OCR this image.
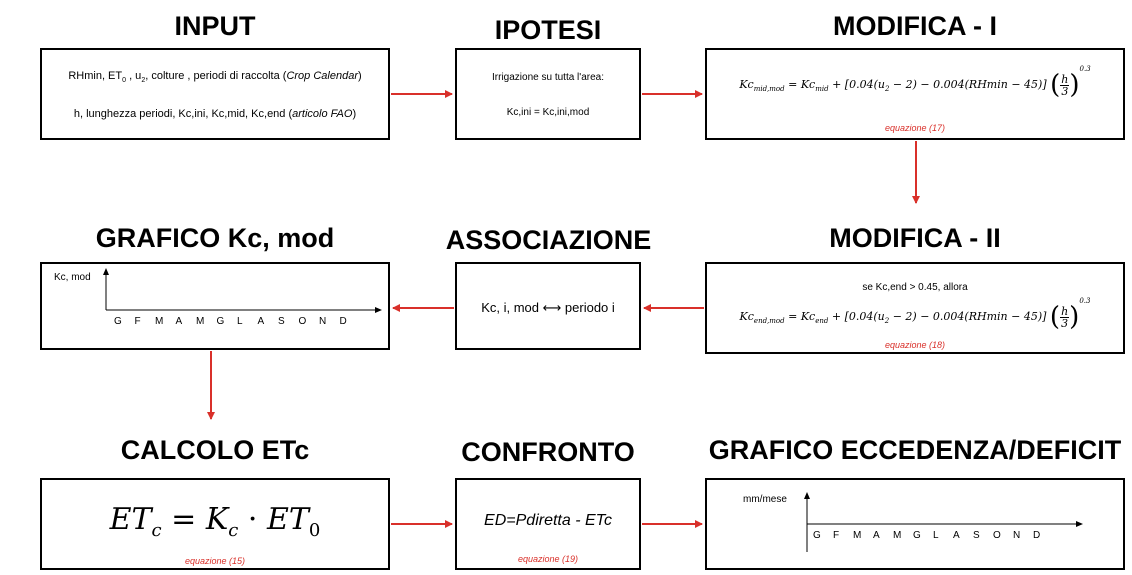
INPUT	IPOTESI	MODIFICA - I
GRAFICO Kc, mod	ASSOCIAZIONE	MODIFICA - II
CALCOLO ETc	CONFRONTO	GRAFICO ECCEDENZA/DEFICIT
RHmin, $ET_0$ , $u_2$, colture , periodi di raccolta (Crop Calendar)
h, lunghezza periodi, Kc,ini, Kc,mid, Kc,end (articolo FAO)
Irrigazione su tutta l'area:
Kc,ini = Kc,ini,mod
$Kc_{mid,mod} = Kc_{mid} + [0.04(u_2 - 2) - 0.004(RHmin - 45)]$ ( $\frac{h}{3} )^{0.3}$
equazione (17)
Kc, mod
G F M A M G L A S O N D
Kc, i, mod ⟷ periodo i
se Kc,end > 0.45, allora
$Kc_{end,mod} = Kc_{end} + [0.04(u_2 - 2) - 0.004(RHmin - 45)]$ ( $\frac{h}{3} )^{0.3}$
equazione (18)
$ET_c = K_c \cdot ET_0$
equazione (15)
ED=Pdiretta - ETc
equazione (19)
mm/mese
G F M A M G L A S O N D
